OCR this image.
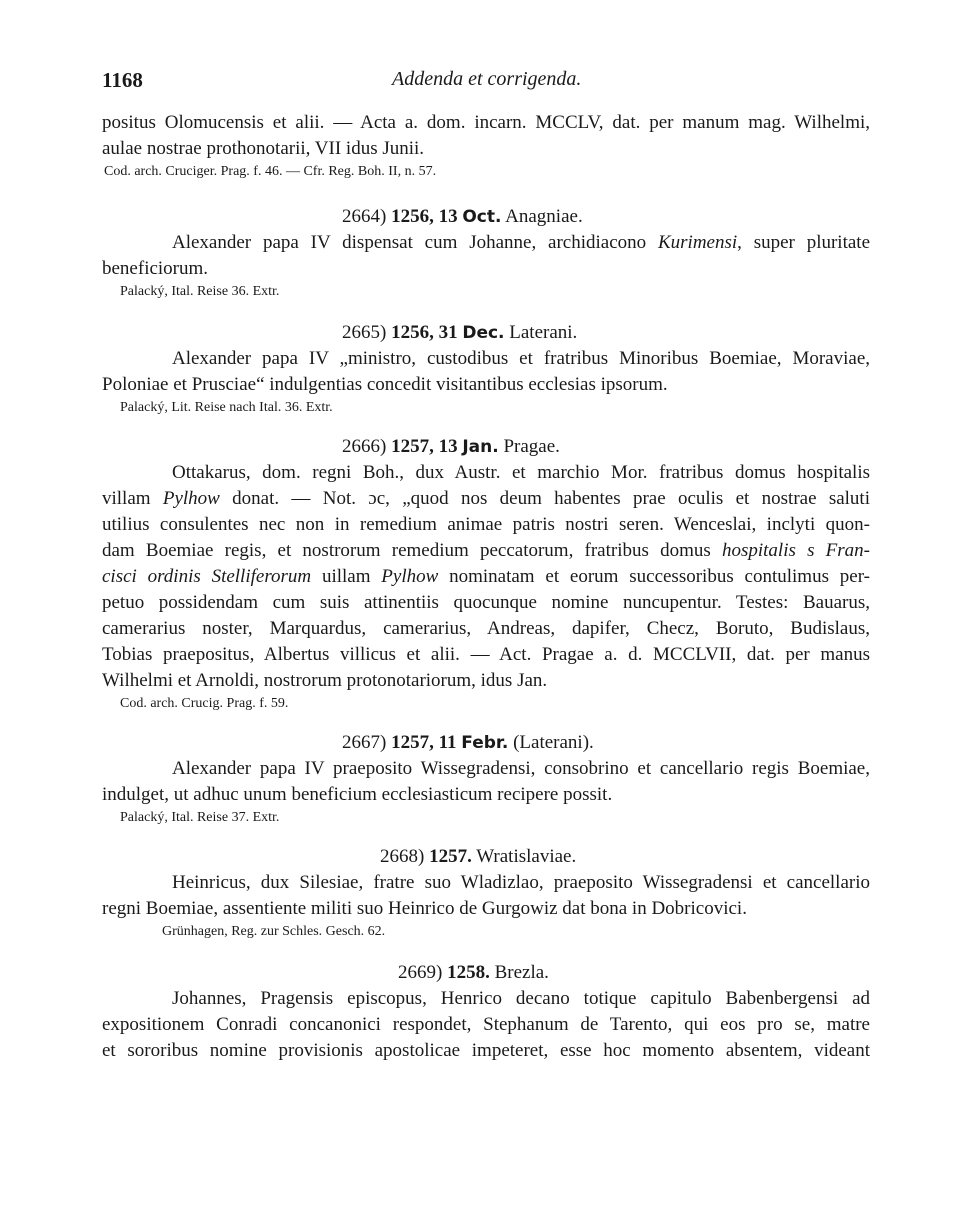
1168	Addenda et corrigenda.
positus Olomucensis et alii. — Acta a. dom. incarn. MCCLV, dat. per manum mag. Wilhelmi,
aulae nostrae prothonotarii, VII idus Junii.
Cod. arch. Cruciger. Prag. f. 46. — Cfr. Reg. Boh. II, n. 57.
2664) 1256, 13 Oct. Anagniae.
Alexander papa IV dispensat cum Johanne, archidiacono Kurimensi, super pluritate
beneficiorum.
Palacký, Ital. Reise 36. Extr.
2665) 1256, 31 Dec. Laterani.
Alexander papa IV „ministro, custodibus et fratribus Minoribus Boemiae, Moraviae,
Poloniae et Prusciae“ indulgentias concedit visitantibus ecclesias ipsorum.
Palacký, Lit. Reise nach Ital. 36. Extr.
2666) 1257, 13 Jan. Pragae.
Ottakarus, dom. regni Boh., dux Austr. et marchio Mor. fratribus domus hospitalis
villam Pylhow donat. — Not. ɔc, „quod nos deum habentes prae oculis et nostrae saluti
utilius consulentes nec non in remedium animae patris nostri seren. Wenceslai, inclyti quon-
dam Boemiae regis, et nostrorum remedium peccatorum, fratribus domus hospitalis s Fran-
cisci ordinis Stelliferorum uillam Pylhow nominatam et eorum successoribus contulimus per-
petuo possidendam cum suis attinentiis quocunque nomine nuncupentur. Testes: Bauarus,
camerarius noster, Marquardus, camerarius, Andreas, dapifer, Checz, Boruto, Budislaus,
Tobias praepositus, Albertus villicus et alii. — Act. Pragae a. d. MCCLVII, dat. per manus
Wilhelmi et Arnoldi, nostrorum protonotariorum, idus Jan.
Cod. arch. Crucig. Prag. f. 59.
2667) 1257, 11 Febr. (Laterani).
Alexander papa IV praeposito Wissegradensi, consobrino et cancellario regis Boemiae,
indulget, ut adhuc unum beneficium ecclesiasticum recipere possit.
Palacký, Ital. Reise 37. Extr.
2668) 1257. Wratislaviae.
Heinricus, dux Silesiae, fratre suo Wladizlao, praeposito Wissegradensi et cancellario
regni Boemiae, assentiente militi suo Heinrico de Gurgowiz dat bona in Dobricovici.
Grünhagen, Reg. zur Schles. Gesch. 62.
2669) 1258. Brezla.
Johannes, Pragensis episcopus, Henrico decano totique capitulo Babenbergensi ad
expositionem Conradi concanonici respondet, Stephanum de Tarento, qui eos pro se, matre
et sororibus nomine provisionis apostolicae impeteret, esse hoc momento absentem, videant
